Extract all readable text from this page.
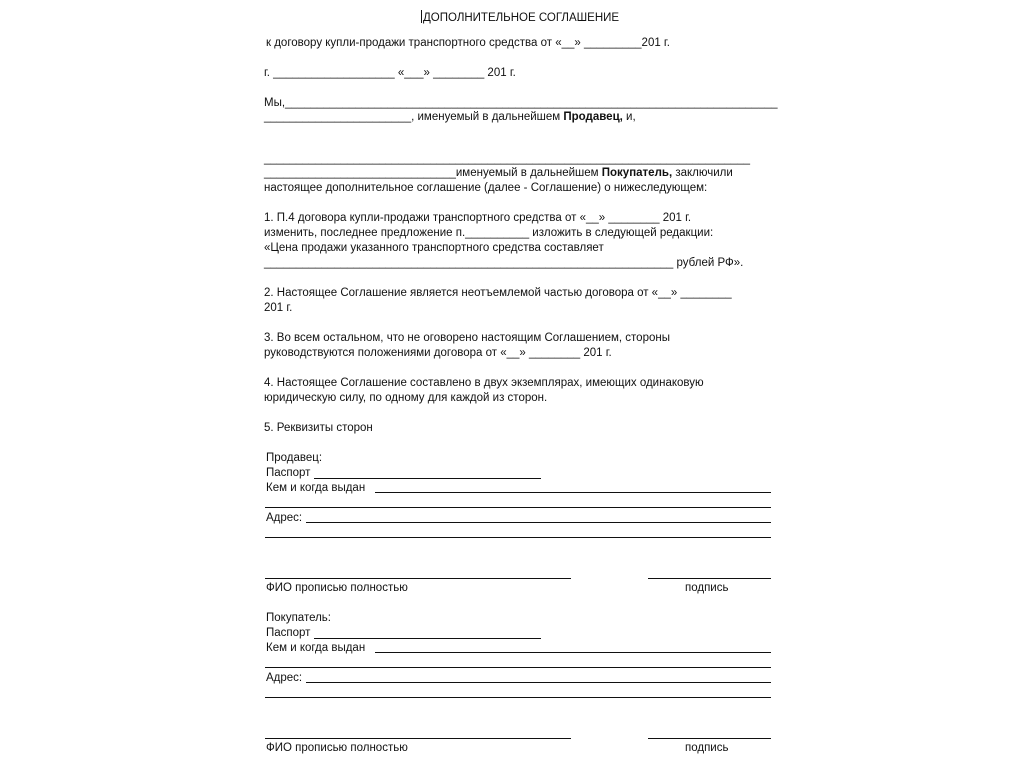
ДОПОЛНИТЕЛЬНОЕ СОГЛАШЕНИЕ
к договору купли-продажи транспортного средства от «__» _________201 г.
г. ___________________ «___» ________ 201 г.
Мы,_____________________________________________________________________________
_______________________, именуемый в дальнейшем Продавец, и,
____________________________________________________________________________
______________________________именуемый в дальнейшем Покупатель, заключили
настоящее дополнительное соглашение (далее - Соглашение) о нижеследующем:
1. П.4 договора купли-продажи транспортного средства от «__» ________ 201 г.
изменить, последнее предложение п.__________ изложить в следующей редакции:
«Цена продажи указанного транспортного средства составляет
________________________________________________________________ рублей РФ».
2. Настоящее Соглашение является неотъемлемой частью договора от «__» ________
201 г.
3. Во всем остальном, что не оговорено настоящим Соглашением, стороны
руководствуются положениями договора от «__» ________ 201 г.
4. Настоящее Соглашение составлено в двух экземплярах, имеющих одинаковую
юридическую силу, по одному для каждой из сторон.
5. Реквизиты сторон
Продавец:
Паспорт
Кем и когда выдан
Адрес:
ФИО прописью полностью	подпись
Покупатель:
Паспорт
Кем и когда выдан
Адрес:
ФИО прописью полностью	подпись
